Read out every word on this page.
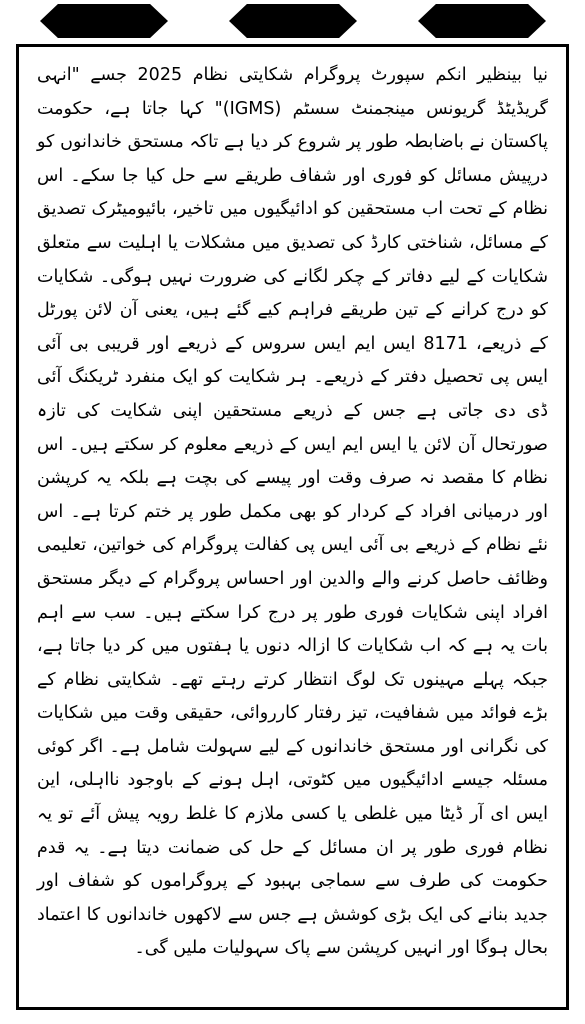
نیا بینظیر انکم سپورٹ پروگرام شکایتی نظام 2025 جسے "انہی گریڈیٹڈ گریونس مینجمنٹ سسٹم (IGMS)" کہا جاتا ہے، حکومت پاکستان نے باضابطہ طور پر شروع کر دیا ہے تاکہ مستحق خاندانوں کو درپیش مسائل کو فوری اور شفاف طریقے سے حل کیا جا سکے۔ اس نظام کے تحت اب مستحقین کو ادائیگیوں میں تاخیر، بائیومیٹرک تصدیق کے مسائل، شناختی کارڈ کی تصدیق میں مشکلات یا اہلیت سے متعلق شکایات کے لیے دفاتر کے چکر لگانے کی ضرورت نہیں ہوگی۔ شکایات کو درج کرانے کے تین طریقے فراہم کیے گئے ہیں، یعنی آن لائن پورٹل کے ذریعے، 8171 ایس ایم ایس سروس کے ذریعے اور قریبی بی آئی ایس پی تحصیل دفتر کے ذریعے۔ ہر شکایت کو ایک منفرد ٹریکنگ آئی ڈی دی جاتی ہے جس کے ذریعے مستحقین اپنی شکایت کی تازہ صورتحال آن لائن یا ایس ایم ایس کے ذریعے معلوم کر سکتے ہیں۔ اس نظام کا مقصد نہ صرف وقت اور پیسے کی بچت ہے بلکہ یہ کرپشن اور درمیانی افراد کے کردار کو بھی مکمل طور پر ختم کرتا ہے۔ اس نئے نظام کے ذریعے بی آئی ایس پی کفالت پروگرام کی خواتین، تعلیمی وظائف حاصل کرنے والے والدین اور احساس پروگرام کے دیگر مستحق افراد اپنی شکایات فوری طور پر درج کرا سکتے ہیں۔ سب سے اہم بات یہ ہے کہ اب شکایات کا ازالہ دنوں یا ہفتوں میں کر دیا جاتا ہے، جبکہ پہلے مہینوں تک لوگ انتظار کرتے رہتے تھے۔ شکایتی نظام کے بڑے فوائد میں شفافیت، تیز رفتار کارروائی، حقیقی وقت میں شکایات کی نگرانی اور مستحق خاندانوں کے لیے سہولت شامل ہے۔ اگر کوئی مسئلہ جیسے ادائیگیوں میں کٹوتی، اہل ہونے کے باوجود نااہلی، این ایس ای آر ڈیٹا میں غلطی یا کسی ملازم کا غلط رویہ پیش آئے تو یہ نظام فوری طور پر ان مسائل کے حل کی ضمانت دیتا ہے۔ یہ قدم حکومت کی طرف سے سماجی بہبود کے پروگراموں کو شفاف اور جدید بنانے کی ایک بڑی کوشش ہے جس سے لاکھوں خاندانوں کا اعتماد بحال ہوگا اور انہیں کرپشن سے پاک سہولیات ملیں گی۔
